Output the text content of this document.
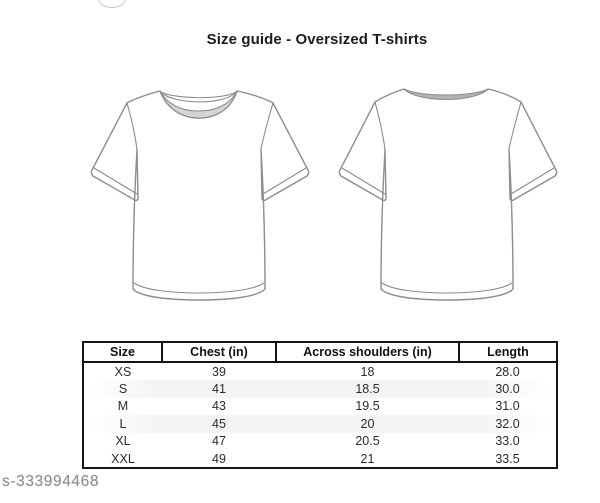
Size guide - Oversized T-shirts
Size	Chest (in)	Across shoulders (in)	Length
XS	39	18	28.0
S	41	18.5	30.0
M	43	19.5	31.0
L	45	20	32.0
XL	47	20.5	33.0
XXL	49	21	33.5
s-333994468
